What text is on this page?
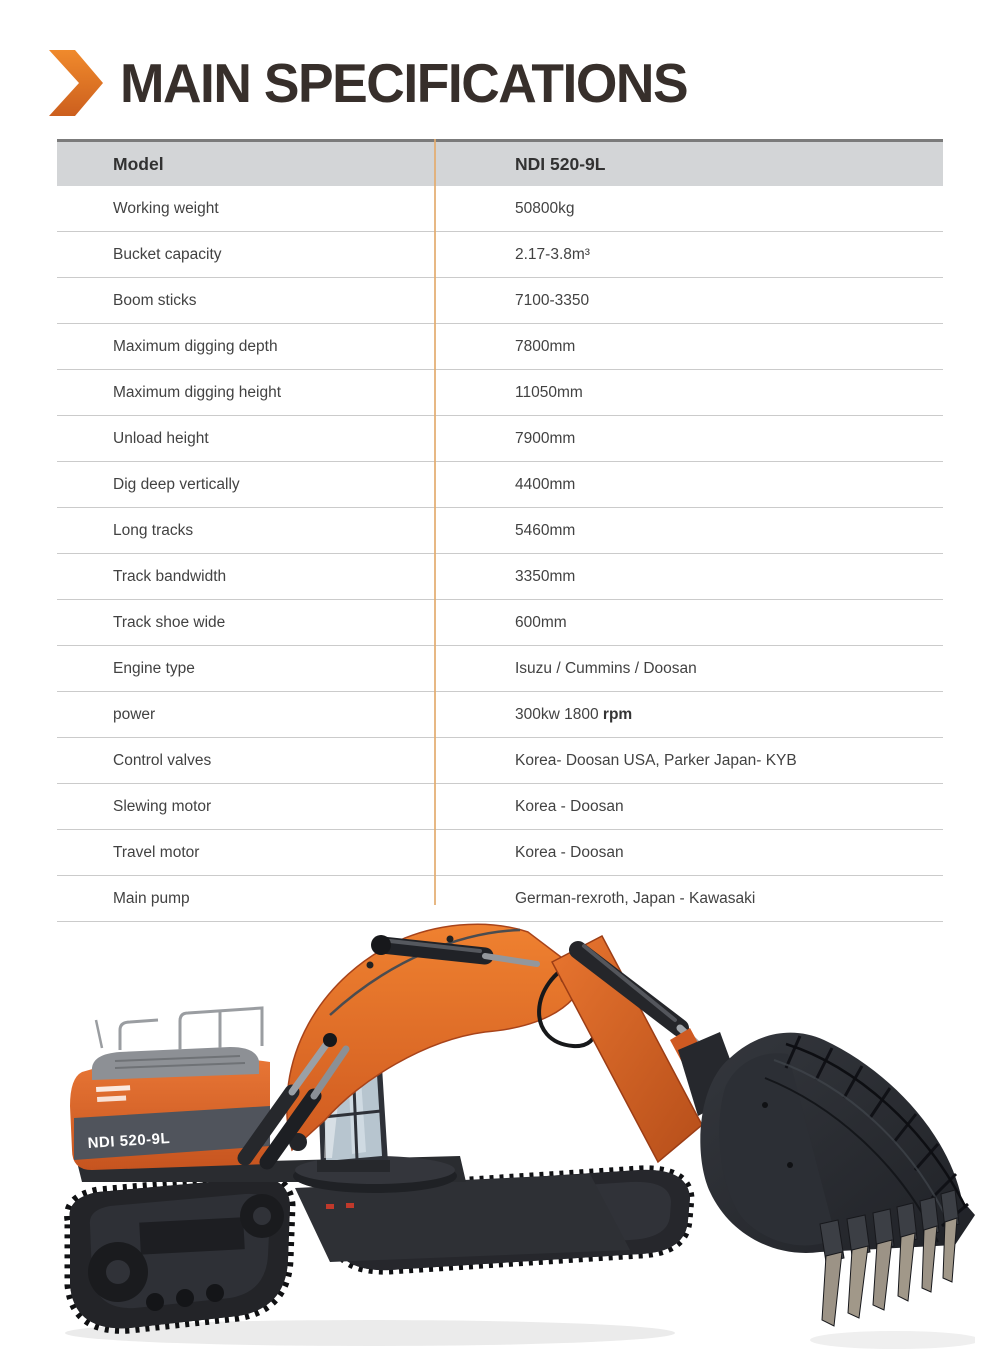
MAIN SPECIFICATIONS
Model	NDI 520-9L
Working weight	50800kg
Bucket capacity	2.17-3.8m³
Boom sticks	7100-3350
Maximum digging depth	7800mm
Maximum digging height	11050mm
Unload height	7900mm
Dig deep vertically	4400mm
Long tracks	5460mm
Track bandwidth	3350mm
Track shoe wide	600mm
Engine type	Isuzu / Cummins / Doosan
power	300kw 1800 rpm
Control valves	Korea- Doosan USA, Parker Japan- KYB
Slewing motor	Korea - Doosan
Travel motor	Korea - Doosan
Main pump	German-rexroth, Japan - Kawasaki
NDI 520-9L
